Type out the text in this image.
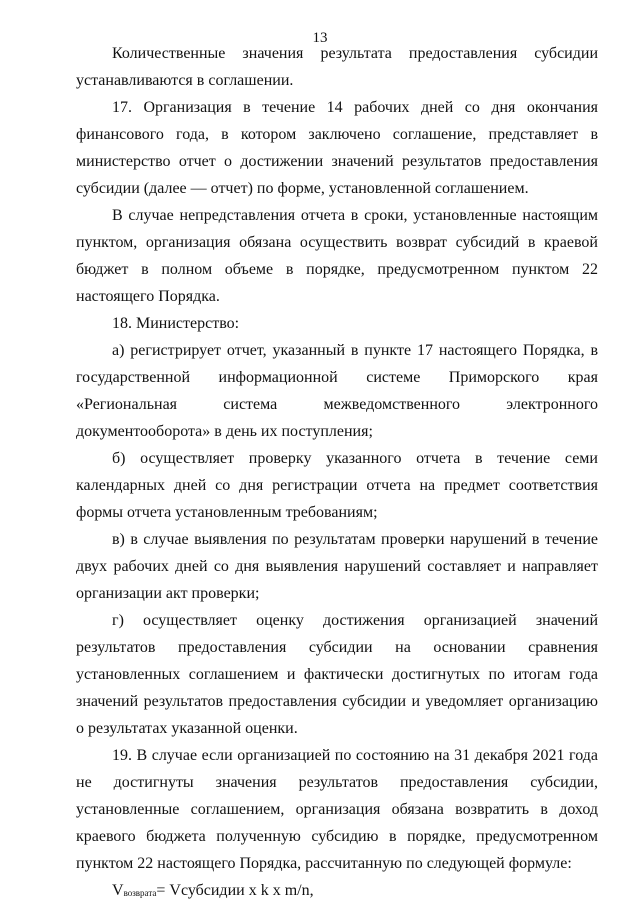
13

Количественные значения результата предоставления субсидии устанавливаются в соглашении.

17. Организация в течение 14 рабочих дней со дня окончания финансового года, в котором заключено соглашение, представляет в министерство отчет о достижении значений результатов предоставления субсидии (далее — отчет) по форме, установленной соглашением.

В случае непредставления отчета в сроки, установленные настоящим пунктом, организация обязана осуществить возврат субсидий в краевой бюджет в полном объеме в порядке, предусмотренном пунктом 22 настоящего Порядка.

18. Министерство:

а) регистрирует отчет, указанный в пункте 17 настоящего Порядка, в государственной информационной системе Приморского края «Региональная система межведомственного электронного документооборота» в день их поступления;

б) осуществляет проверку указанного отчета в течение семи календарных дней со дня регистрации отчета на предмет соответствия формы отчета установленным требованиям;

в) в случае выявления по результатам проверки нарушений в течение двух рабочих дней со дня выявления нарушений составляет и направляет организации акт проверки;

г) осуществляет оценку достижения организацией значений результатов предоставления субсидии на основании сравнения установленных соглашением и фактически достигнутых по итогам года значений результатов предоставления субсидии и уведомляет организацию о результатах указанной оценки.

19. В случае если организацией по состоянию на 31 декабря 2021 года не достигнуты значения результатов предоставления субсидии, установленные соглашением, организация обязана возвратить в доход краевого бюджета полученную субсидию в порядке, предусмотренном пунктом 22 настоящего Порядка, рассчитанную по следующей формуле:

Vвозврата= Vсубсидии x k x m/n,
